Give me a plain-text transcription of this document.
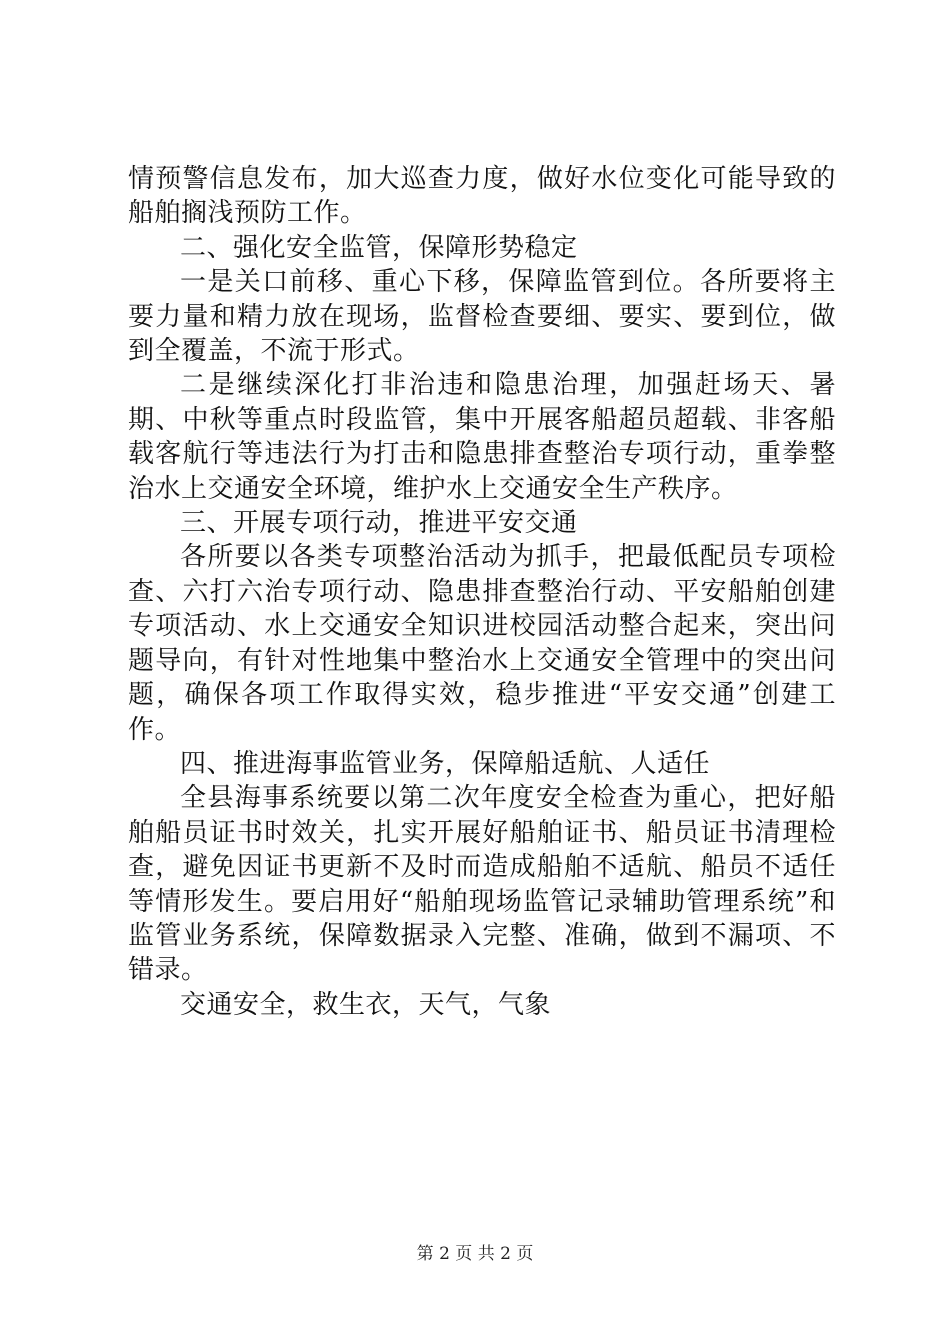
情预警信息发布，加大巡查力度，做好水位变化可能导致的船舶搁浅预防工作。

二、强化安全监管，保障形势稳定

一是关口前移、重心下移，保障监管到位。各所要将主要力量和精力放在现场，监督检查要细、要实、要到位，做到全覆盖，不流于形式。

二是继续深化打非治违和隐患治理，加强赶场天、暑期、中秋等重点时段监管，集中开展客船超员超载、非客船载客航行等违法行为打击和隐患排查整治专项行动，重拳整治水上交通安全环境，维护水上交通安全生产秩序。

三、开展专项行动，推进平安交通

各所要以各类专项整治活动为抓手，把最低配员专项检查、六打六治专项行动、隐患排查整治行动、平安船舶创建专项活动、水上交通安全知识进校园活动整合起来，突出问题导向，有针对性地集中整治水上交通安全管理中的突出问题，确保各项工作取得实效，稳步推进“平安交通”创建工作。

四、推进海事监管业务，保障船适航、人适任

全县海事系统要以第二次年度安全检查为重心，把好船舶船员证书时效关，扎实开展好船舶证书、船员证书清理检查，避免因证书更新不及时而造成船舶不适航、船员不适任等情形发生。要启用好“船舶现场监管记录辅助管理系统”和监管业务系统，保障数据录入完整、准确，做到不漏项、不错录。

交通安全，救生衣，天气，气象

第 2 页 共 2 页
